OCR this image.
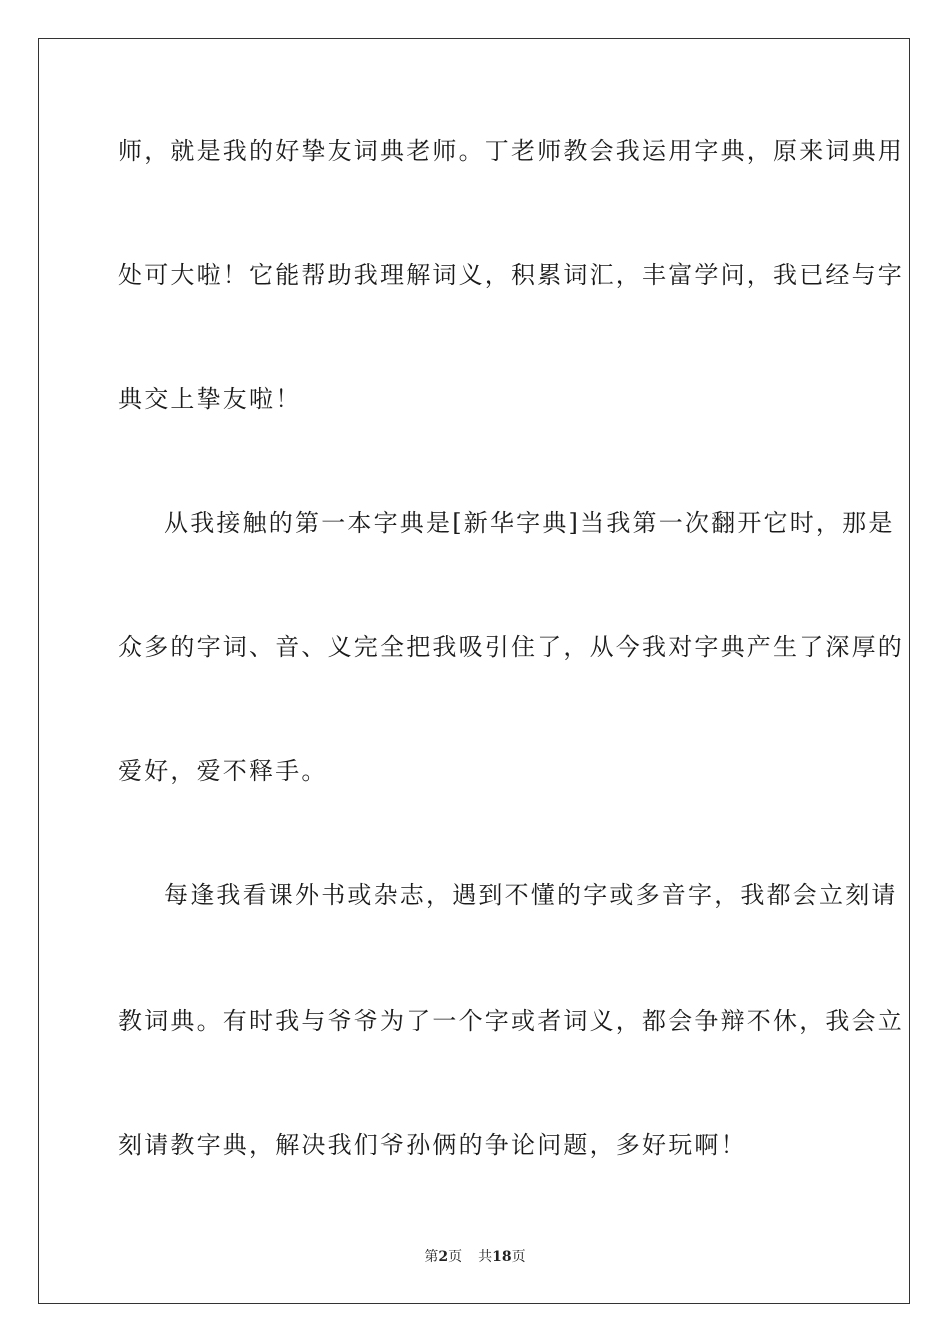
师，就是我的好挚友词典老师。丁老师教会我运用字典，原来词典用
处可大啦！它能帮助我理解词义，积累词汇，丰富学问，我已经与字
典交上挚友啦！
从我接触的第一本字典是[新华字典]当我第一次翻开它时，那是
众多的字词、音、义完全把我吸引住了，从今我对字典产生了深厚的
爱好，爱不释手。
每逢我看课外书或杂志，遇到不懂的字或多音字，我都会立刻请
教词典。有时我与爷爷为了一个字或者词义，都会争辩不休，我会立
刻请教字典，解决我们爷孙俩的争论问题，多好玩啊！
第2页 共18页
